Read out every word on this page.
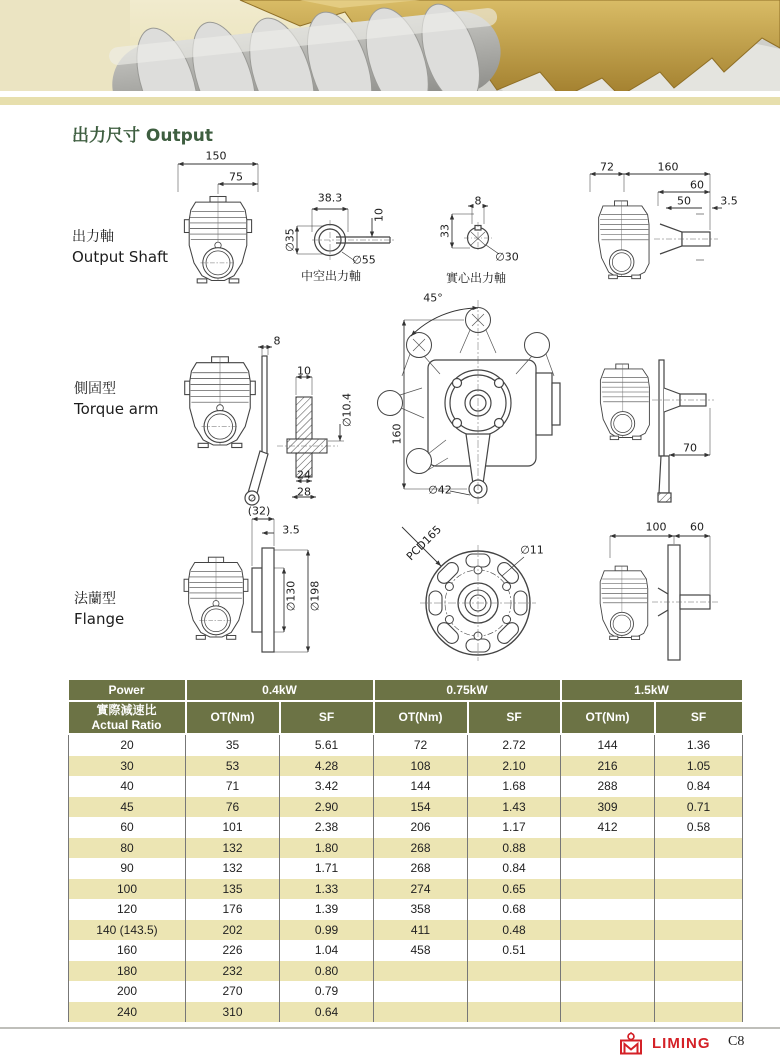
出力尺寸 Output
出力軸
Output Shaft
側固型
Torque arm
法蘭型
Flange
150
75
38.3
10
∅35
∅55
中空出力軸
8
33
∅30
實心出力軸
72	160
60
50	3.5
8
10
∅10.4
24
28
45°
160
∅42
70
(32)
3.5
∅130 ∅198
PCD165	∅11
100 60
Power	0.4kW		0.75kW		1.5kW	
實際減速比
Actual Ratio	OT(Nm)	SF	OT(Nm)	SF	OT(Nm)	SF
20	35	5.61	72	2.72	144	1.36
30	53	4.28	108	2.10	216	1.05
40	71	3.42	144	1.68	288	0.84
45	76	2.90	154	1.43	309	0.71
60	101	2.38	206	1.17	412	0.58
80	132	1.80	268	0.88		
90	132	1.71	268	0.84		
100	135	1.33	274	0.65		
120	176	1.39	358	0.68		
140 (143.5)	202	0.99	411	0.48		
160	226	1.04	458	0.51		
180	232	0.80				
200	270	0.79				
240	310	0.64				
LIMING C8
